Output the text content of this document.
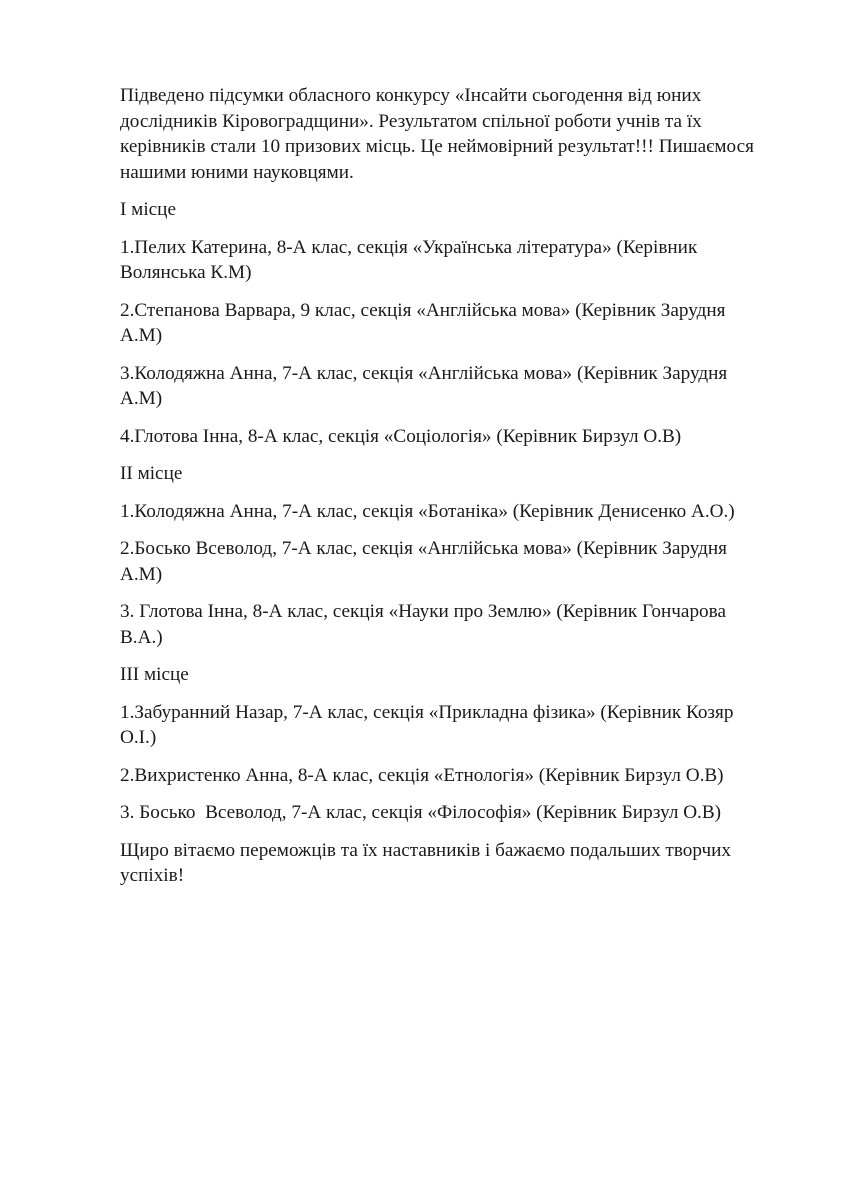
Підведено підсумки обласного конкурсу «Інсайти сьогодення від юних
дослідників Кіровоградщини». Результатом спільної роботи учнів та їх
керівників стали 10 призових місць. Це неймовірний результат!!! Пишаємося
нашими юними науковцями.

І місце

1.Пелих Катерина, 8-А клас, секція «Українська література» (Керівник
Волянська К.М)

2.Степанова Варвара, 9 клас, секція «Англійська мова» (Керівник Зарудня
А.М)

3.Колодяжна Анна, 7-А клас, секція «Англійська мова» (Керівник Зарудня
А.М)

4.Глотова Інна, 8-А клас, секція «Соціологія» (Керівник Бирзул О.В)

ІІ місце

1.Колодяжна Анна, 7-А клас, секція «Ботаніка» (Керівник Денисенко А.О.)

2.Босько Всеволод, 7-А клас, секція «Англійська мова» (Керівник Зарудня
А.М)

3. Глотова Інна, 8-А клас, секція «Науки про Землю» (Керівник Гончарова
В.А.)

ІІІ місце

1.Забуранний Назар, 7-А клас, секція «Прикладна фізика» (Керівник Козяр
О.І.)

2.Вихристенко Анна, 8-А клас, секція «Етнологія» (Керівник Бирзул О.В)

3. Босько  Всеволод, 7-А клас, секція «Філософія» (Керівник Бирзул О.В)

Щиро вітаємо переможців та їх наставників і бажаємо подальших творчих
успіхів!
